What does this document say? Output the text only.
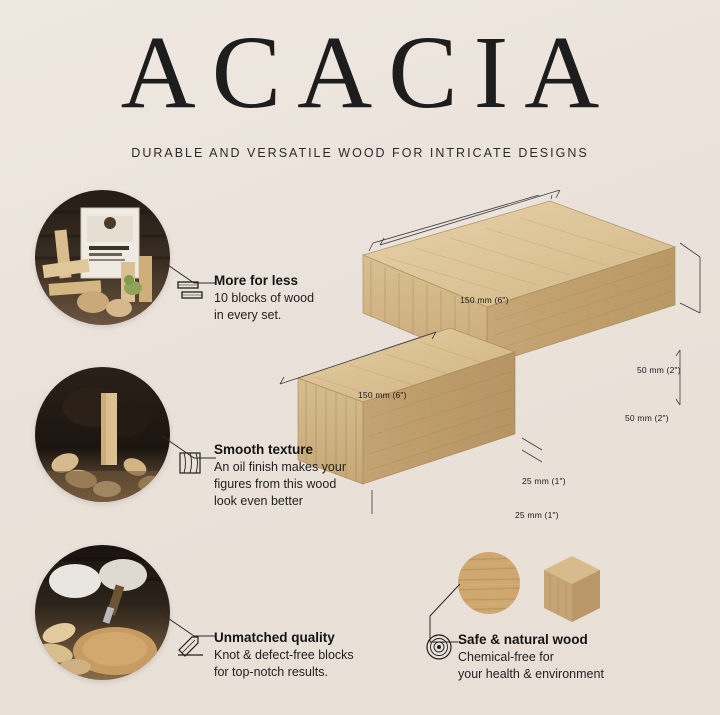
ACACIA
DURABLE AND VERSATILE WOOD FOR INTRICATE DESIGNS
150 mm (6")
50 mm (2")
50 mm (2")
150 mm (6")
25 mm (1")
25 mm (1")
More for less
10 blocks of wood
in every set.
Smooth texture
An oil finish makes your
figures from this wood
look even better
Unmatched quality
Knot & defect-free blocks
for top-notch results.
Safe & natural wood
Chemical-free for
your health & environment
